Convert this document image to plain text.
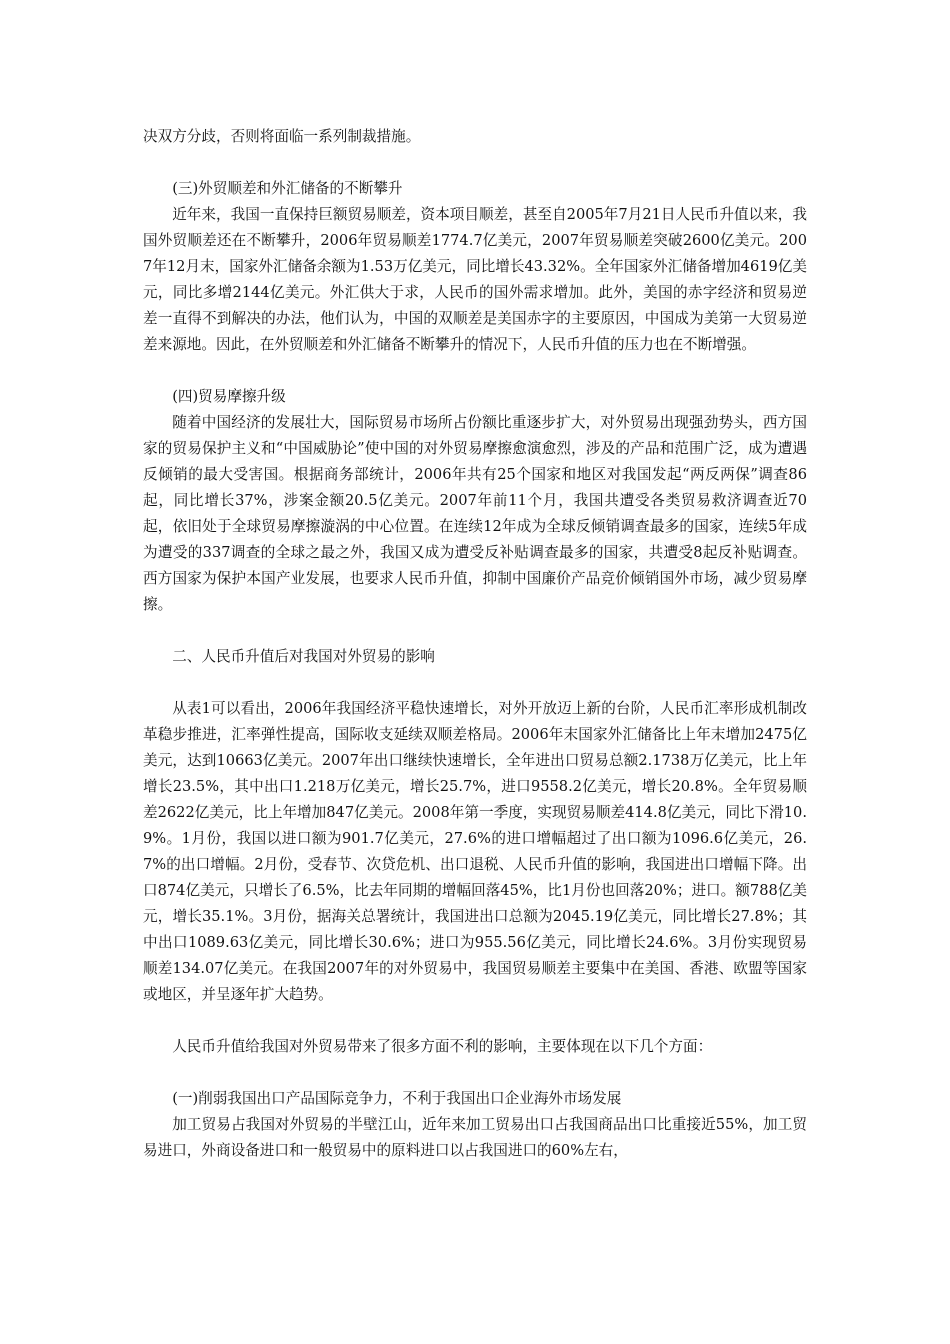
决双方分歧，否则将面临一系列制裁措施。

(三)外贸顺差和外汇储备的不断攀升

近年来，我国一直保持巨额贸易顺差，资本项目顺差，甚至自2005年7月21日人民币升值以来，我国外贸顺差还在不断攀升，2006年贸易顺差1774.7亿美元，2007年贸易顺差突破2600亿美元。2007年12月末，国家外汇储备余额为1.53万亿美元，同比增长43.32%。全年国家外汇储备增加4619亿美元，同比多增2144亿美元。外汇供大于求，人民币的国外需求增加。此外，美国的赤字经济和贸易逆差一直得不到解决的办法，他们认为，中国的双顺差是美国赤字的主要原因，中国成为美第一大贸易逆差来源地。因此，在外贸顺差和外汇储备不断攀升的情况下，人民币升值的压力也在不断增强。

(四)贸易摩擦升级

随着中国经济的发展壮大，国际贸易市场所占份额比重逐步扩大，对外贸易出现强劲势头，西方国家的贸易保护主义和“中国威胁论”使中国的对外贸易摩擦愈演愈烈，涉及的产品和范围广泛，成为遭遇反倾销的最大受害国。根据商务部统计，2006年共有25个国家和地区对我国发起“两反两保”调查86起，同比增长37%，涉案金额20.5亿美元。2007年前11个月，我国共遭受各类贸易救济调查近70起，依旧处于全球贸易摩擦漩涡的中心位置。在连续12年成为全球反倾销调查最多的国家，连续5年成为遭受的337调查的全球之最之外，我国又成为遭受反补贴调查最多的国家，共遭受8起反补贴调查。西方国家为保护本国产业发展，也要求人民币升值，抑制中国廉价产品竞价倾销国外市场，减少贸易摩擦。

二、人民币升值后对我国对外贸易的影响

从表1可以看出，2006年我国经济平稳快速增长，对外开放迈上新的台阶，人民币汇率形成机制改革稳步推进，汇率弹性提高，国际收支延续双顺差格局。2006年末国家外汇储备比上年末增加2475亿美元，达到10663亿美元。2007年出口继续快速增长，全年进出口贸易总额2.1738万亿美元，比上年增长23.5%，其中出口1.218万亿美元，增长25.7%，进口9558.2亿美元，增长20.8%。全年贸易顺差2622亿美元，比上年增加847亿美元。2008年第一季度，实现贸易顺差414.8亿美元，同比下滑10.9%。1月份，我国以进口额为901.7亿美元，27.6%的进口增幅超过了出口额为1096.6亿美元，26.7%的出口增幅。2月份，受春节、次贷危机、出口退税、人民币升值的影响，我国进出口增幅下降。出口874亿美元，只增长了6.5%，比去年同期的增幅回落45%，比1月份也回落20%；进口。额788亿美元，增长35.1%。3月份，据海关总署统计，我国进出口总额为2045.19亿美元，同比增长27.8%；其中出口1089.63亿美元，同比增长30.6%；进口为955.56亿美元，同比增长24.6%。3月份实现贸易顺差134.07亿美元。在我国2007年的对外贸易中，我国贸易顺差主要集中在美国、香港、欧盟等国家或地区，并呈逐年扩大趋势。

人民币升值给我国对外贸易带来了很多方面不利的影响，主要体现在以下几个方面：

(一)削弱我国出口产品国际竞争力，不利于我国出口企业海外市场发展

加工贸易占我国对外贸易的半壁江山，近年来加工贸易出口占我国商品出口比重接近55%，加工贸易进口，外商设备进口和一般贸易中的原料进口以占我国进口的60%左右，
